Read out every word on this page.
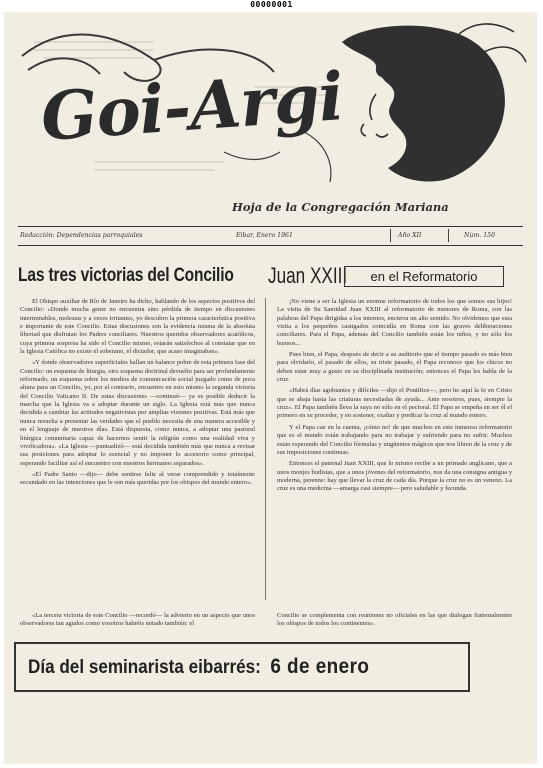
00000001
Goi-Argi
Hoja de la Congregación Mariana
Redacción: Dependencias parroquiales	Eibar, Enero 1961	Año XII	Núm. 150
Las tres victorias del Concilio Juan XXIII	en el Reformatorio

El Obispo auxiliar de Río de Janeiro ha dicho, hablando de los aspectos positivos del Concilio: «Donde mucha gente no encuentra sino pérdida de tiempo en discusiones interminables, molestas y a veces irritantes, yo descubro la primera característica positiva e importante de este Concilio. Estas discusiones son la evidencia misma de la absoluta libertad que disfrutan los Padres conciliares. Nuestros queridos observadores acatólicos, cuya primera sorpresa ha sido el Concilio mismo, estarán satisfechos al constatar que en la Iglesia Católica no existe el soberano, el dictador, que acaso imaginaban».

«Y donde observadores superficiales hallan un balance pobre de esta primera fase del Concilio: un esquema de liturgia, otro esquema doctrinal devuelto para ser profundamente reformado, un esquema sobre los medios de comunicación social juzgado como de poca altura para un Concilio, yo, por el contrario, encuentro en esto mismo la segunda victoria del Concilio Vaticano II. De estas discusiones —continuó— ya es posible deducir la marcha que la Iglesia va a adoptar durante un siglo. La Iglesia está más que nunca decidida a cambiar las actitudes negativistas por amplias visiones positivas. Está más que nunca resuelta a presentar las verdades que el pueblo necesita de una manera accesible y en el lenguaje de nuestros días. Está dispuesta, como nunca, a adoptar una pastoral litúrgica comunitaria capaz de hacernos sentir la religión como una realidad viva y vivificadora». «La Iglesia —puntualizó— está decidida también más que nunca a revisar sus posiciones para adoptar lo esencial y no imponer lo accesorio como principal, esperando facilitar así el encuentro con nuestros hermanos separados».

«El Padre Santo —dijo— debe sentirse feliz al verse comprendido y totalmente secundado en las intenciones que le son más queridas por los obispos del mundo entero».

¡No viene a ser la Iglesia un enorme reformatorio de todos los que somos sus hijos! La visita de Su Santidad Juan XXIII al reformatorio de menores de Roma, con las palabras del Papa dirigidas a los internos, encierra un alto sentido. No olvidemos que esta visita a los pequeños castigados coincidía en Roma con las graves deliberaciones conciliares. Para el Papa, además del Concilio también están los niños, y no sólo los buenos...

Pues bien, el Papa, después de decir a su auditorio que el tiempo pasado es más bien para olvidarlo, el pasado de ellos, su triste pasado, el Papa reconoce que los chicos no deben estar muy a gusto en su disciplinada institución; entonces el Papa les habla de la cruz.

«Habrá días agobiantes y difíciles —dijo el Pontífice—, pero he aquí la fe en Cristo que se abaja hasta las criaturas necesitadas de ayuda... Ante nosotros, pues, siempre la cruz». El Papa también lleva la suya no sólo en el pectoral. El Papa se empeña en ser él el primero en su proceder, y en sostener, exaltar y predicar la cruz al mundo entero.

Y el Papa cae en la cuenta, ¡cómo no! de que muchos en este inmenso reformatorio que es el mundo están trabajando para no trabajar y sufriendo para no sufrir. Muchos están esperando del Concilio fórmulas y ungüentos mágicos que nos libren de la cruz y de sus imposiciones continuas.

Entonces el paternal Juan XXIII, que lo mismo recibe a un primado anglicano, que a unos monjes budistas, que a unos jóvenes del reformatorio, nos da una consigna antigua y moderna, perenne: hay que llevar la cruz de cada día. Porque la cruz no es un veneno. La cruz es una medicina —amarga casi siempre— pero saludable y fecunda.

«La tercera victoria de este Concilio —recordó— la advierto en un aspecto que unos observadores tan agudos como vosotros habréis notado también: el

Concilio se complementa con reuniones no oficiales en las que dialogan fraternalmente los obispos de todos los continentes».

Día del seminarista eibarrés: 6 de enero
